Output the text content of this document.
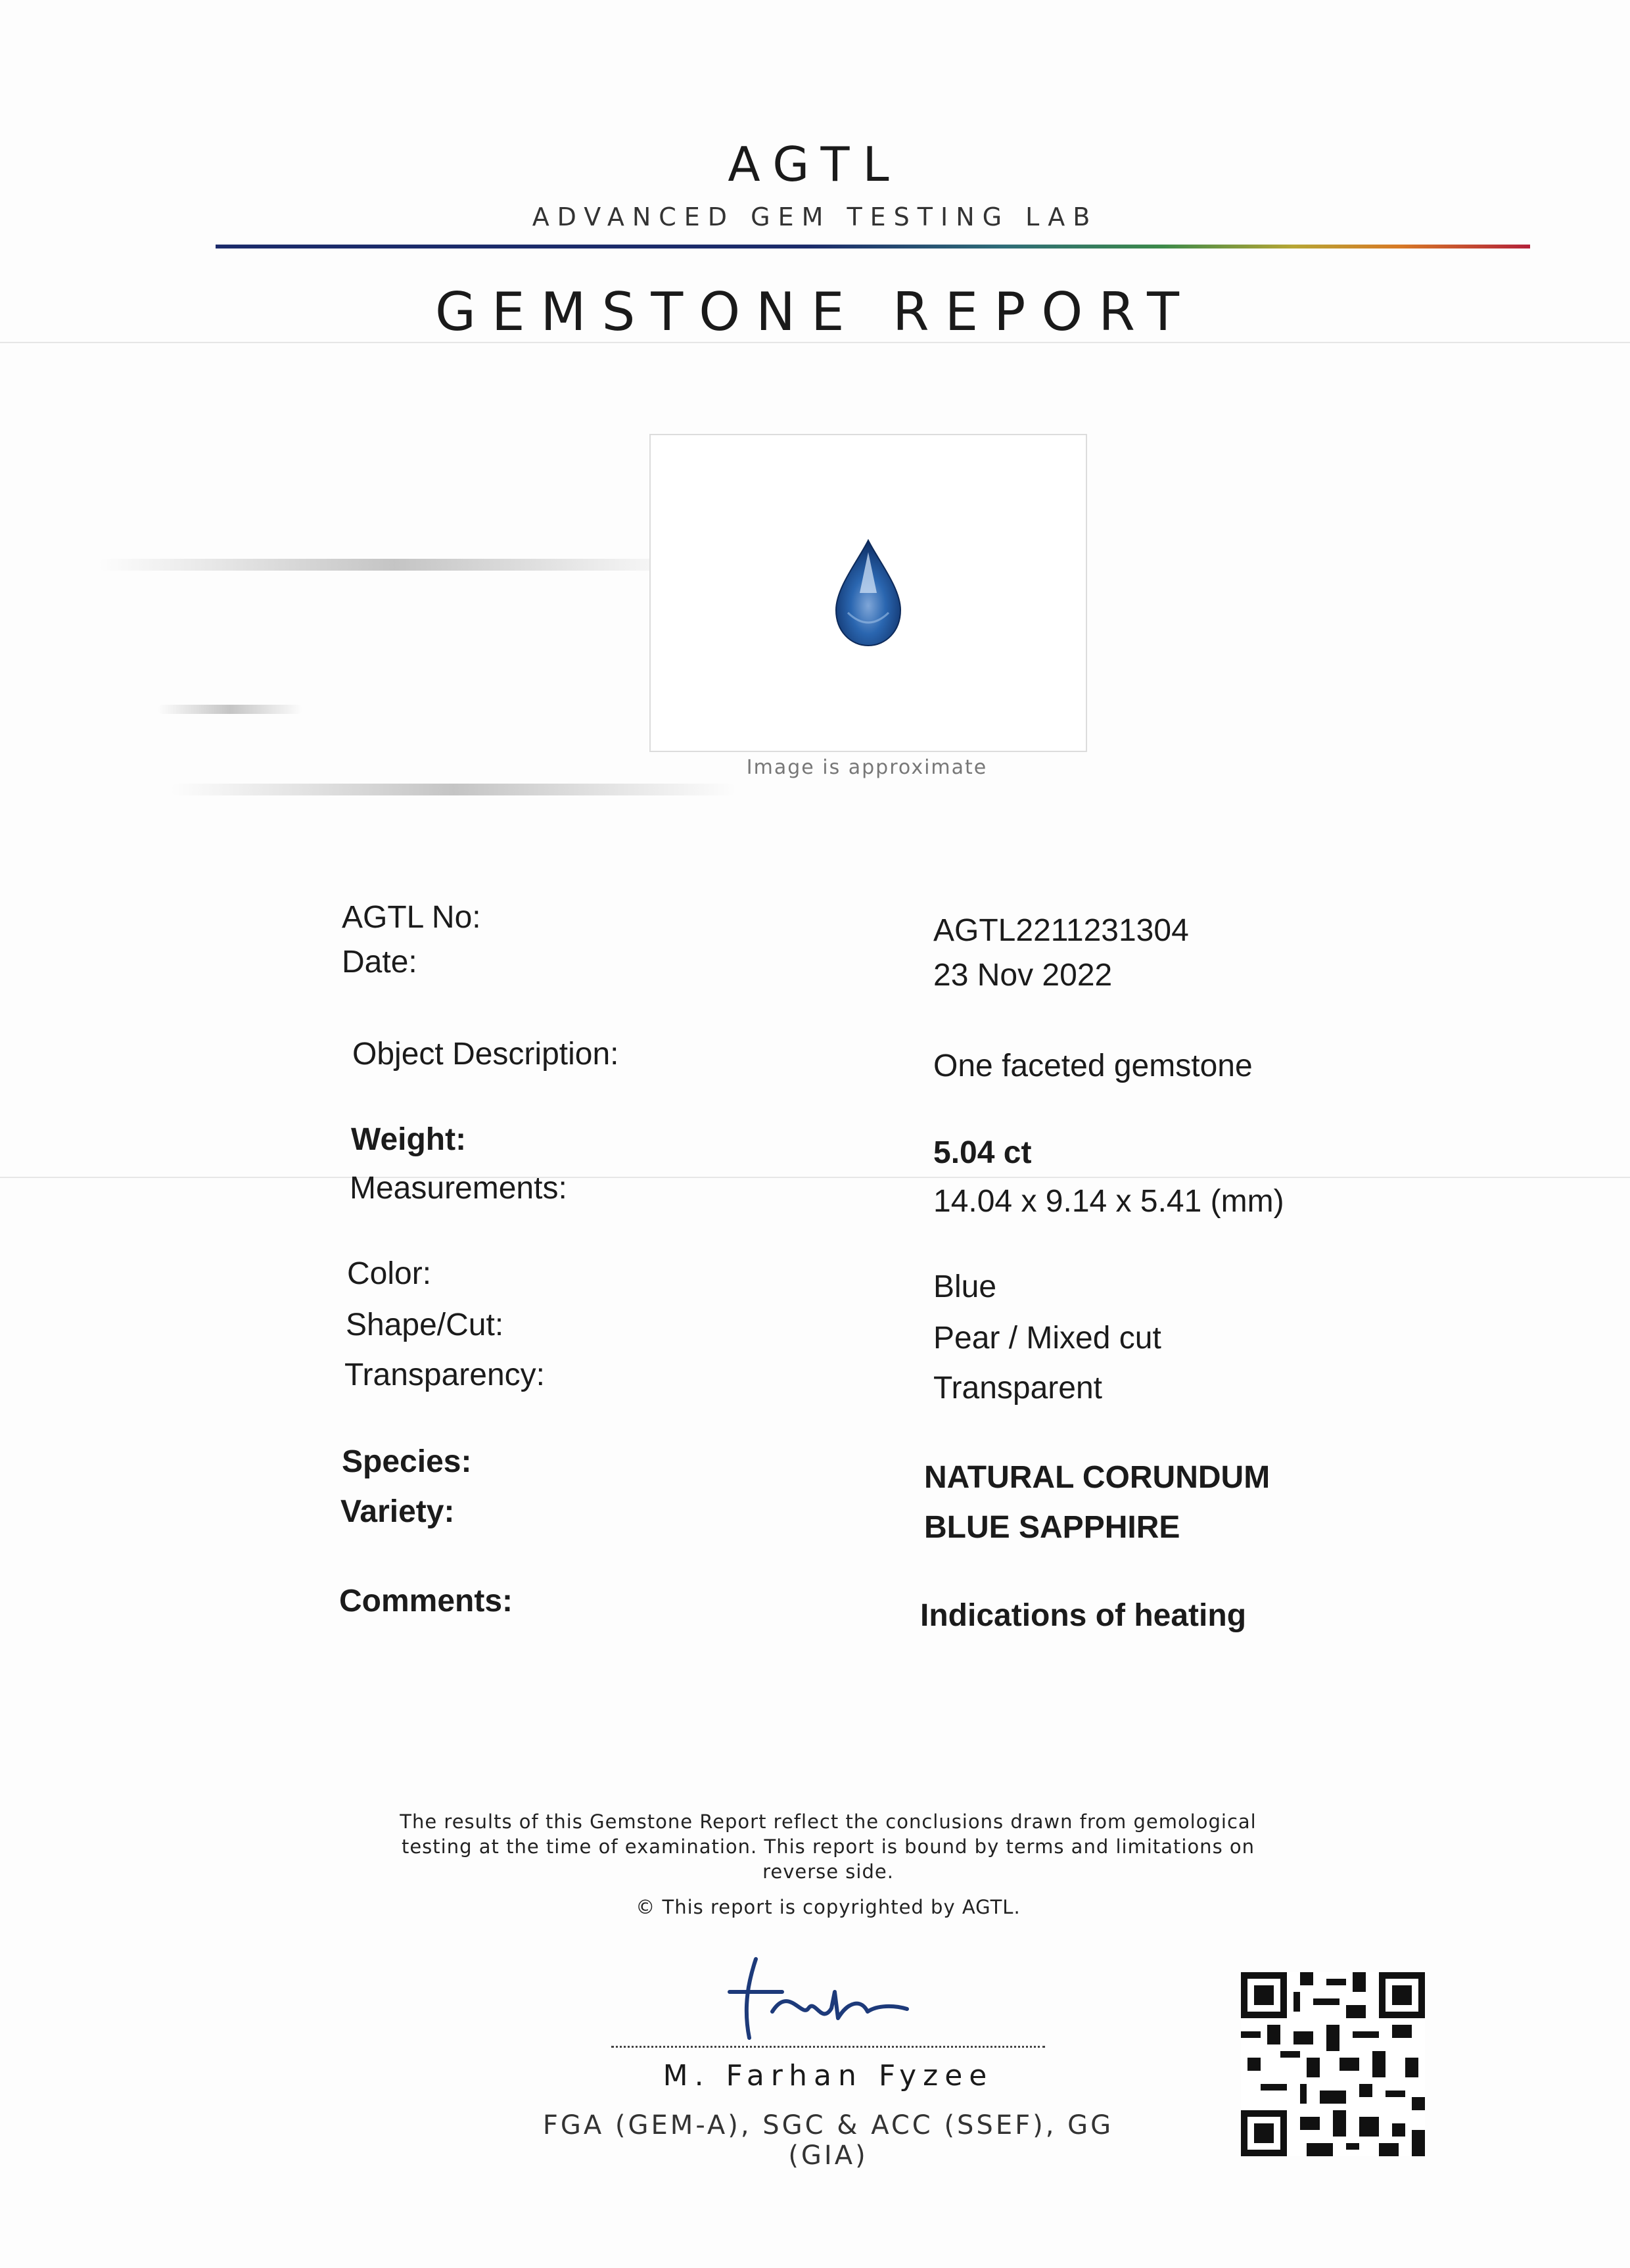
AGTL
ADVANCED GEM TESTING LAB
GEMSTONE REPORT
Image is approximate
AGTL No:	AGTL2211231304
Date:	23 Nov 2022
Object Description:	One faceted gemstone
Weight:	5.04 ct
Measurements:	14.04 x 9.14 x 5.41 (mm)
Color:	Blue
Shape/Cut:	Pear / Mixed cut
Transparency:	Transparent
Species:	NATURAL CORUNDUM
Variety:	BLUE SAPPHIRE
Comments:	Indications of heating
The results of this Gemstone Report reflect the conclusions drawn from gemological testing at the time of examination. This report is bound by terms and limitations on reverse side.
© This report is copyrighted by AGTL.
M. Farhan Fyzee
FGA (GEM-A), SGC & ACC (SSEF), GG (GIA)
